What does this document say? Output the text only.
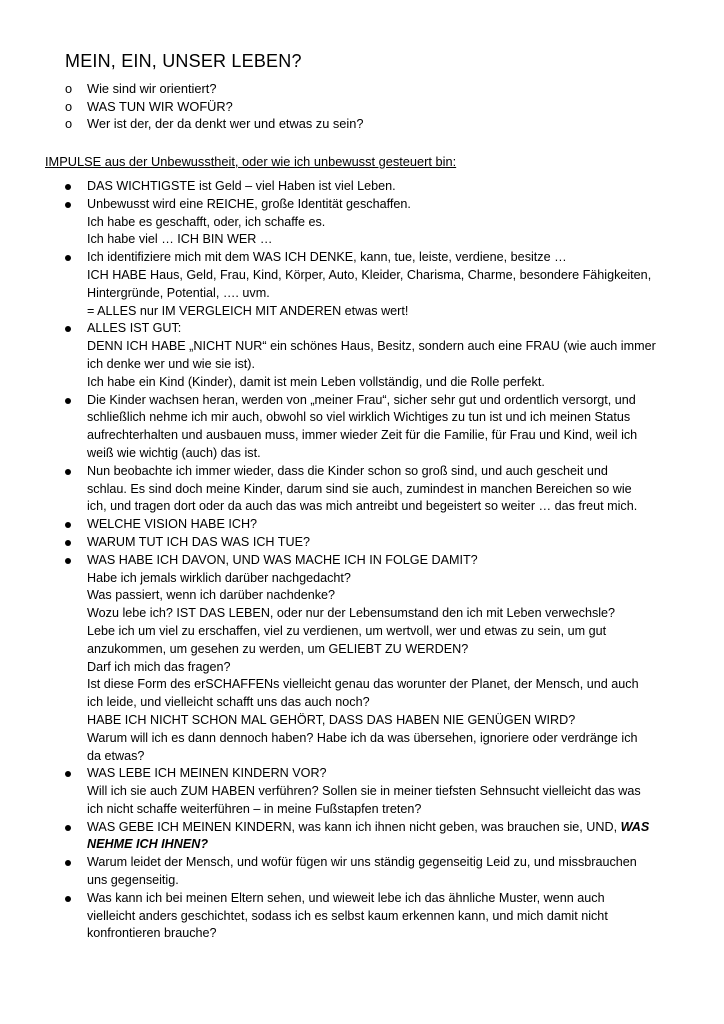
MEIN, EIN, UNSER LEBEN?
o Wie sind wir orientiert?
o WAS TUN WIR WOFÜR?
o Wer ist der, der da denkt wer und etwas zu sein?
IMPULSE aus der Unbewusstheit, oder wie ich unbewusst gesteuert bin:
DAS WICHTIGSTE ist Geld – viel Haben ist viel Leben.
Unbewusst wird eine REICHE, große Identität geschaffen.
Ich habe es geschafft, oder, ich schaffe es.
Ich habe viel … ICH BIN WER …
Ich identifiziere mich mit dem WAS ICH DENKE, kann, tue, leiste, verdiene, besitze …
ICH HABE Haus, Geld, Frau, Kind, Körper, Auto, Kleider, Charisma, Charme, besondere Fähigkeiten,
Hintergründe, Potential, …. uvm.
= ALLES nur IM VERGLEICH MIT ANDEREN etwas wert!
ALLES IST GUT:
DENN ICH HABE „NICHT NUR“ ein schönes Haus, Besitz, sondern auch eine FRAU (wie auch immer
ich denke wer und wie sie ist).
Ich habe ein Kind (Kinder), damit ist mein Leben vollständig, und die Rolle perfekt.
Die Kinder wachsen heran, werden von „meiner Frau“, sicher sehr gut und ordentlich versorgt, und
schließlich nehme ich mir auch, obwohl so viel wirklich Wichtiges zu tun ist und ich meinen Status
aufrechterhalten und ausbauen muss, immer wieder Zeit für die Familie, für Frau und Kind, weil ich
weiß wie wichtig (auch) das ist.
Nun beobachte ich immer wieder, dass die Kinder schon so groß sind, und auch gescheit und
schlau. Es sind doch meine Kinder, darum sind sie auch, zumindest in manchen Bereichen so wie
ich, und tragen dort oder da auch das was mich antreibt und begeistert so weiter … das freut mich.
WELCHE VISION HABE ICH?
WARUM TUT ICH DAS WAS ICH TUE?
WAS HABE ICH DAVON, UND WAS MACHE ICH IN FOLGE DAMIT?
Habe ich jemals wirklich darüber nachgedacht?
Was passiert, wenn ich darüber nachdenke?
Wozu lebe ich? IST DAS LEBEN, oder nur der Lebensumstand den ich mit Leben verwechsle?
Lebe ich um viel zu erschaffen, viel zu verdienen, um wertvoll, wer und etwas zu sein, um gut
anzukommen, um gesehen zu werden, um GELIEBT ZU WERDEN?
Darf ich mich das fragen?
Ist diese Form des erSCHAFFENs vielleicht genau das worunter der Planet, der Mensch, und auch
ich leide, und vielleicht schafft uns das auch noch?
HABE ICH NICHT SCHON MAL GEHÖRT, DASS DAS HABEN NIE GENÜGEN WIRD?
Warum will ich es dann dennoch haben? Habe ich da was übersehen, ignoriere oder verdränge ich
da etwas?
WAS LEBE ICH MEINEN KINDERN VOR?
Will ich sie auch ZUM HABEN verführen? Sollen sie in meiner tiefsten Sehnsucht vielleicht das was
ich nicht schaffe weiterführen – in meine Fußstapfen treten?
WAS GEBE ICH MEINEN KINDERN, was kann ich ihnen nicht geben, was brauchen sie, UND, WAS
NEHME ICH IHNEN?
Warum leidet der Mensch, und wofür fügen wir uns ständig gegenseitig Leid zu, und missbrauchen
uns gegenseitig.
Was kann ich bei meinen Eltern sehen, und wieweit lebe ich das ähnliche Muster, wenn auch
vielleicht anders geschichtet, sodass ich es selbst kaum erkennen kann, und mich damit nicht
konfrontieren brauche?
